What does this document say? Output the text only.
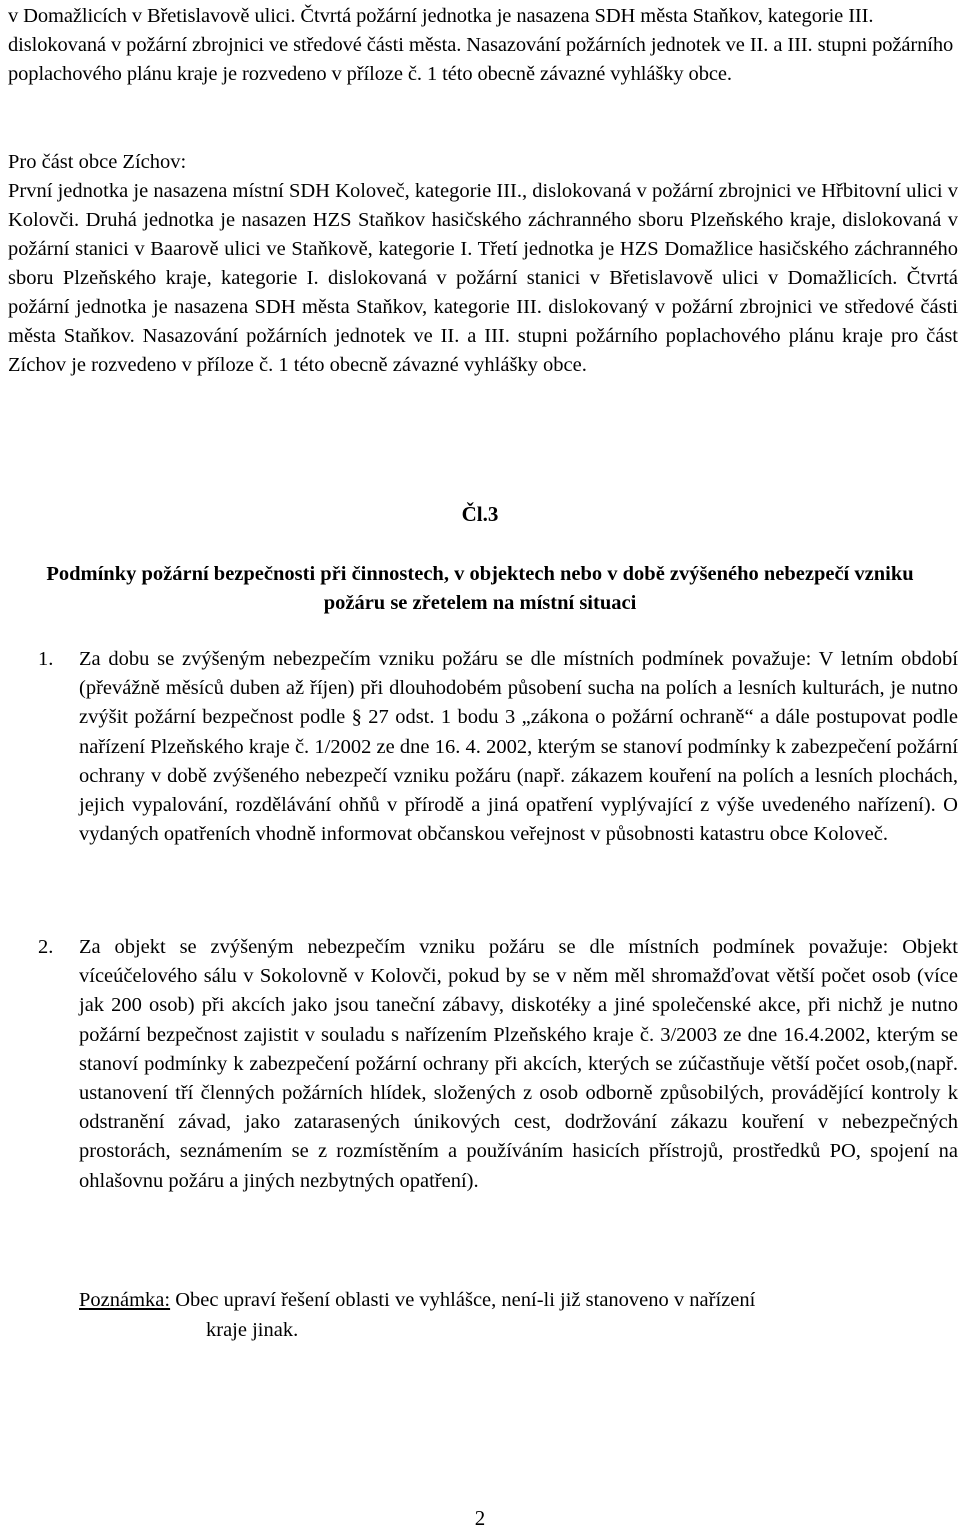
v Domažlicích v Břetislavově ulici. Čtvrtá požární jednotka je nasazena SDH města Staňkov, kategorie III. dislokovaná v požární zbrojnici ve středové části města. Nasazování požárních jednotek ve II. a III. stupni požárního poplachového plánu kraje je rozvedeno v příloze č. 1 této obecně závazné vyhlášky obce.

Pro část obce Zíchov:
První jednotka je nasazena místní SDH Koloveč, kategorie III., dislokovaná v požární zbrojnici ve Hřbitovní ulici v Kolovči. Druhá jednotka je nasazen HZS Staňkov hasičského záchranného sboru Plzeňského kraje, dislokovaná v požární stanici v Baarově ulici ve Staňkově, kategorie I. Třetí jednotka je HZS Domažlice hasičského záchranného sboru Plzeňského kraje, kategorie I. dislokovaná v požární stanici v Břetislavově ulici v Domažlicích. Čtvrtá požární jednotka je nasazena SDH města Staňkov, kategorie III. dislokovaný v požární zbrojnici ve středové části města Staňkov. Nasazování požárních jednotek ve II. a III. stupni požárního poplachového plánu kraje pro část Zíchov je rozvedeno v příloze č. 1 této obecně závazné vyhlášky obce.
Čl.3
Podmínky požární bezpečnosti při činnostech, v objektech nebo v době zvýšeného nebezpečí vzniku požáru se zřetelem na místní situaci
1.	Za dobu se zvýšeným nebezpečím vzniku požáru se dle místních podmínek považuje: V letním období (převážně měsíců duben až říjen) při dlouhodobém působení sucha na polích a lesních kulturách, je nutno zvýšit požární bezpečnost podle § 27 odst. 1 bodu 3 „zákona o požární ochraně“ a dále postupovat podle nařízení Plzeňského kraje č. 1/2002 ze dne 16. 4. 2002, kterým se stanoví podmínky k zabezpečení požární ochrany v době zvýšeného nebezpečí vzniku požáru (např. zákazem kouření na polích a lesních plochách, jejich vypalování, rozdělávání ohňů v přírodě a jiná opatření vyplývající z výše uvedeného nařízení). O vydaných opatřeních vhodně informovat občanskou veřejnost v působnosti katastru obce Koloveč.
2.	Za objekt se zvýšeným nebezpečím vzniku požáru se dle místních podmínek považuje: Objekt víceúčelového sálu v Sokolovně v Kolovči, pokud by se v něm měl shromažďovat větší počet osob (více jak 200 osob) při akcích jako jsou taneční zábavy, diskotéky a jiné společenské akce, při nichž je nutno požární bezpečnost zajistit v souladu s nařízením Plzeňského kraje č. 3/2003 ze dne 16.4.2002, kterým se stanoví podmínky k zabezpečení požární ochrany při akcích, kterých se zúčastňuje větší počet osob,(např. ustanovení tří členných požárních hlídek, složených z osob odborně způsobilých, provádějící kontroly k odstranění závad, jako zatarasených únikových cest, dodržování zákazu kouření v nebezpečných prostorách, seznámením se z rozmístěním a používáním hasicích přístrojů, prostředků PO, spojení na ohlašovnu požáru a jiných nezbytných opatření).
Poznámka: Obec upraví řešení oblasti ve vyhlášce, není-li již stanoveno v nařízení
kraje jinak.
2
